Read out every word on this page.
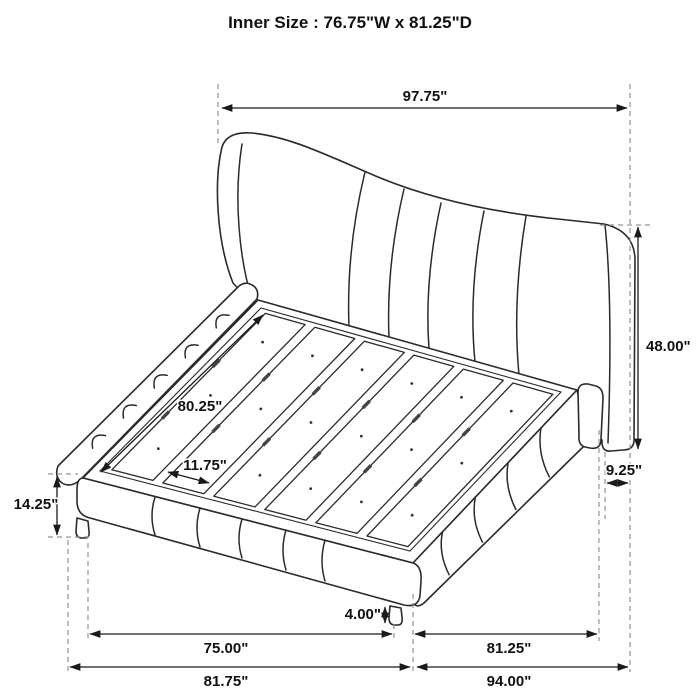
Inner Size : 76.75"W x 81.25"D
97.75"
48.00"
9.25"
80.25"
11.75"
14.25"
4.00"
75.00"	81.25"
81.75"	94.00"
